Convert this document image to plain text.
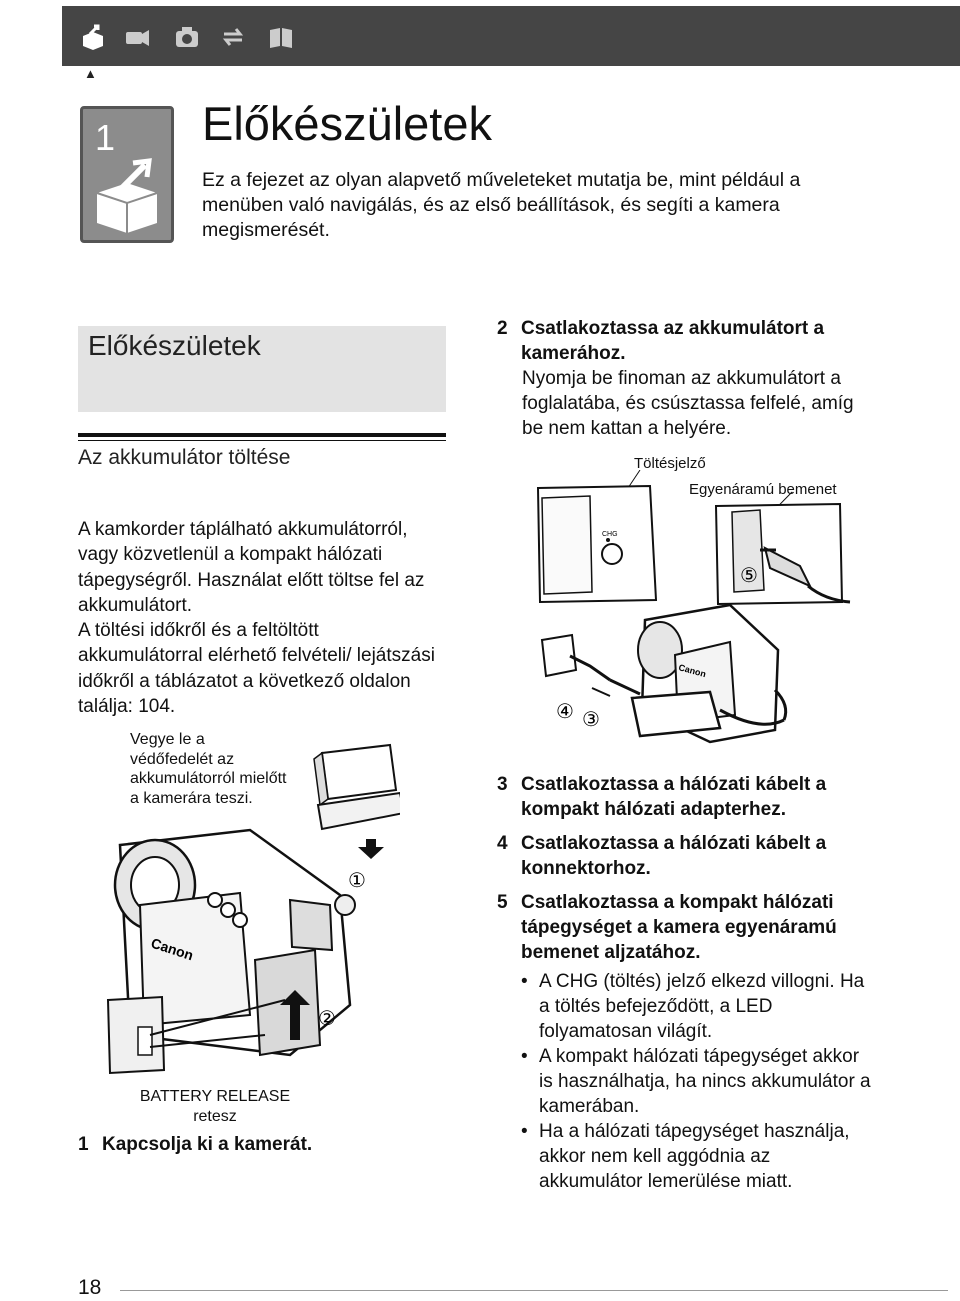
▲
1 Előkészületek
Ez a fejezet az olyan alapvető műveleteket mutatja be, mint például a menüben való navigálás, és az első beállítások, és segíti a kamera megismerését.
Előkészületek
Az akkumulátor töltése

A kamkorder táplálható akkumulátorról, vagy közvetlenül a kompakt hálózati tápegységről. Használat előtt töltse fel az akkumulátort.

A töltési időkről és a feltöltött akkumulátorral elérhető felvételi/ lejátszási időkről a táblázatot a következő oldalon találja: 104.

Vegye le a védőfedelét az akkumulátorról mielőtt a kamerára teszi.
Canon
①
②
BATTERY RELEASE
retesz
1 Kapcsolja ki a kamerát.
2 Csatlakoztassa az akkumulátort a kamerához.
Nyomja be finoman az akkumulátort a foglalatába, és csúsztassa felfelé, amíg be nem kattan a helyére.
Töltésjelző
Egyenáramú bemenet
CHG
⑤
Canon
④ ③
3 Csatlakoztassa a hálózati kábelt a kompakt hálózati adapterhez.
4 Csatlakoztassa a hálózati kábelt a konnektorhoz.
5 Csatlakoztassa a kompakt hálózati tápegységet a kamera egyenáramú bemenet aljzatához.
• A CHG (töltés) jelző elkezd villogni. Ha a töltés befejeződött, a LED folyamatosan világít.
• A kompakt hálózati tápegységet akkor is használhatja, ha nincs akkumulátor a kamerában.
• Ha a hálózati tápegységet használja, akkor nem kell aggódnia az akkumulátor lemerülése miatt.
18
